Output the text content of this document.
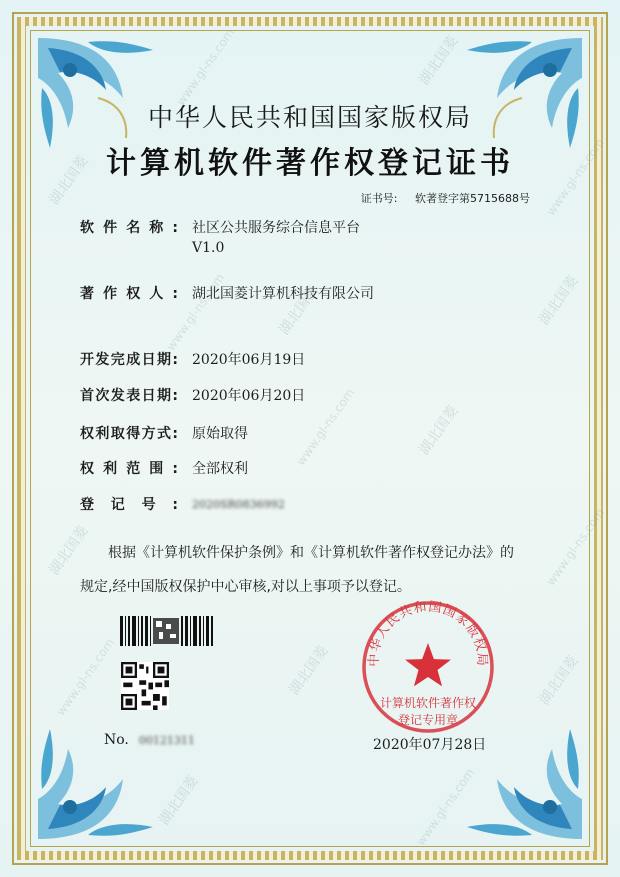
湖北国菱
www.gl-ns.com
湖北国菱	www.gl-ns.com
湖北国菱	湖北国菱
www.gl-ns.com
湖北国菱
www.gl-ns.com
湖北国菱	www.gl-ns.com
湖北国菱
www.gl-ns.com	湖北国菱
湖北国菱	www.gl-ns.com
中华人民共和国国家版权局
计算机软件著作权登记证书
证书号: 软著登字第5715688号
软件名称: 社区公共服务综合信息平台
V1.0
著作权人: 湖北国菱计算机科技有限公司
开发完成日期: 2020年06月19日
首次发表日期: 2020年06月20日
权利取得方式: 原始取得
权利范围: 全部权利
登记号: 2020SR0836992
根据《计算机软件保护条例》和《计算机软件著作权登记办法》的
规定,经中国版权保护中心审核,对以上事项予以登记。
No. 00121311
中华人民共和国国家版权局
计算机软件著作权
登记专用章
2020年07月28日
